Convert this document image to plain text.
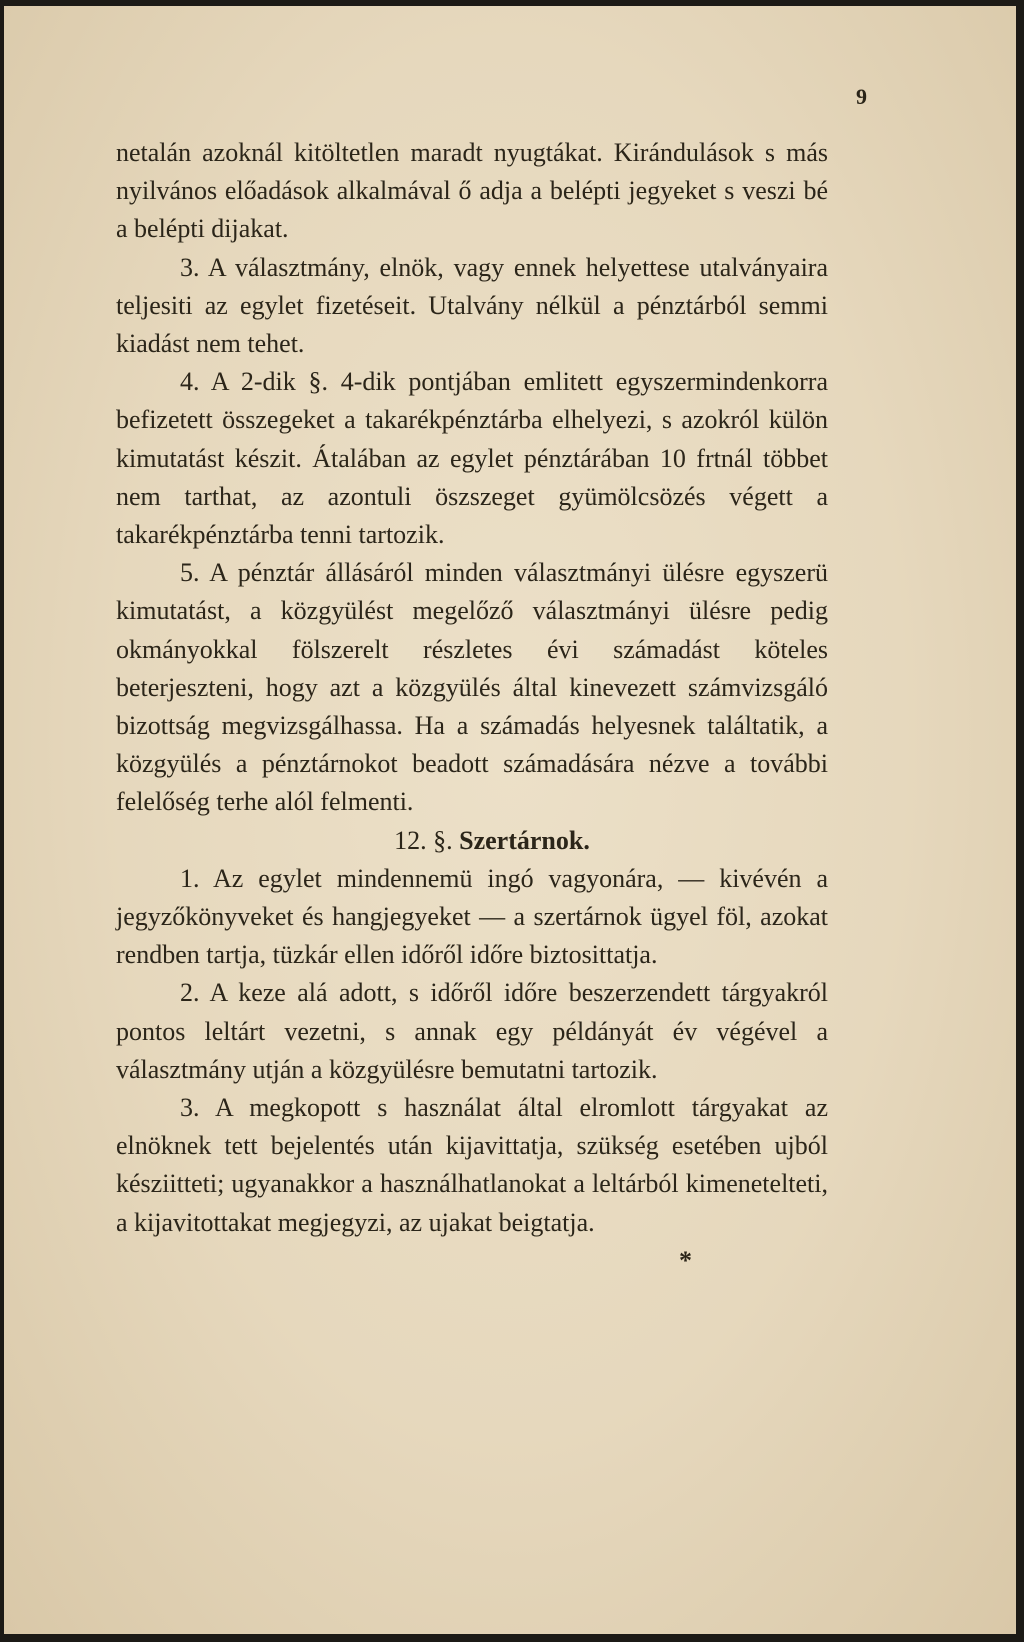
9

netalán azoknál kitöltetlen maradt nyugtákat. Kirándulások s más nyilvános előadások alkalmával ő adja a belépti jegyeket s veszi bé a belépti dijakat.

3. A választmány, elnök, vagy ennek helyettese utalványaira teljesiti az egylet fizetéseit. Utalvány nélkül a pénztárból semmi kiadást nem tehet.

4. A 2-dik §. 4-dik pontjában emlitett egyszermindenkorra befizetett összegeket a takarékpénztárba elhelyezi, s azokról külön kimutatást készit. Átalában az egylet pénztárában 10 frtnál többet nem tarthat, az azontuli öszszeget gyümölcsözés végett a takarékpénztárba tenni tartozik.

5. A pénztár állásáról minden választmányi ülésre egyszerü kimutatást, a közgyülést megelőző választmányi ülésre pedig okmányokkal fölszerelt részletes évi számadást köteles beterjeszteni, hogy azt a közgyülés által kinevezett számvizsgáló bizottság megvizsgálhassa. Ha a számadás helyesnek találtatik, a közgyülés a pénztárnokot beadott számadására nézve a további felelőség terhe alól felmenti.

12. §. Szertárnok.

1. Az egylet mindennemü ingó vagyonára, — kivévén a jegyzőkönyveket és hangjegyeket — a szertárnok ügyel föl, azokat rendben tartja, tüzkár ellen időről időre biztosittatja.

2. A keze alá adott, s időről időre beszerzendett tárgyakról pontos leltárt vezetni, s annak egy példányát év végével a választmány utján a közgyülésre bemutatni tartozik.

3. A megkopott s használat által elromlott tárgyakat az elnöknek tett bejelentés után kijavittatja, szükség esetében ujból késziitteti; ugyanakkor a használhatlanokat a leltárból kimenetelteti, a kijavitottakat megjegyzi, az ujakat beigtatja.

*
